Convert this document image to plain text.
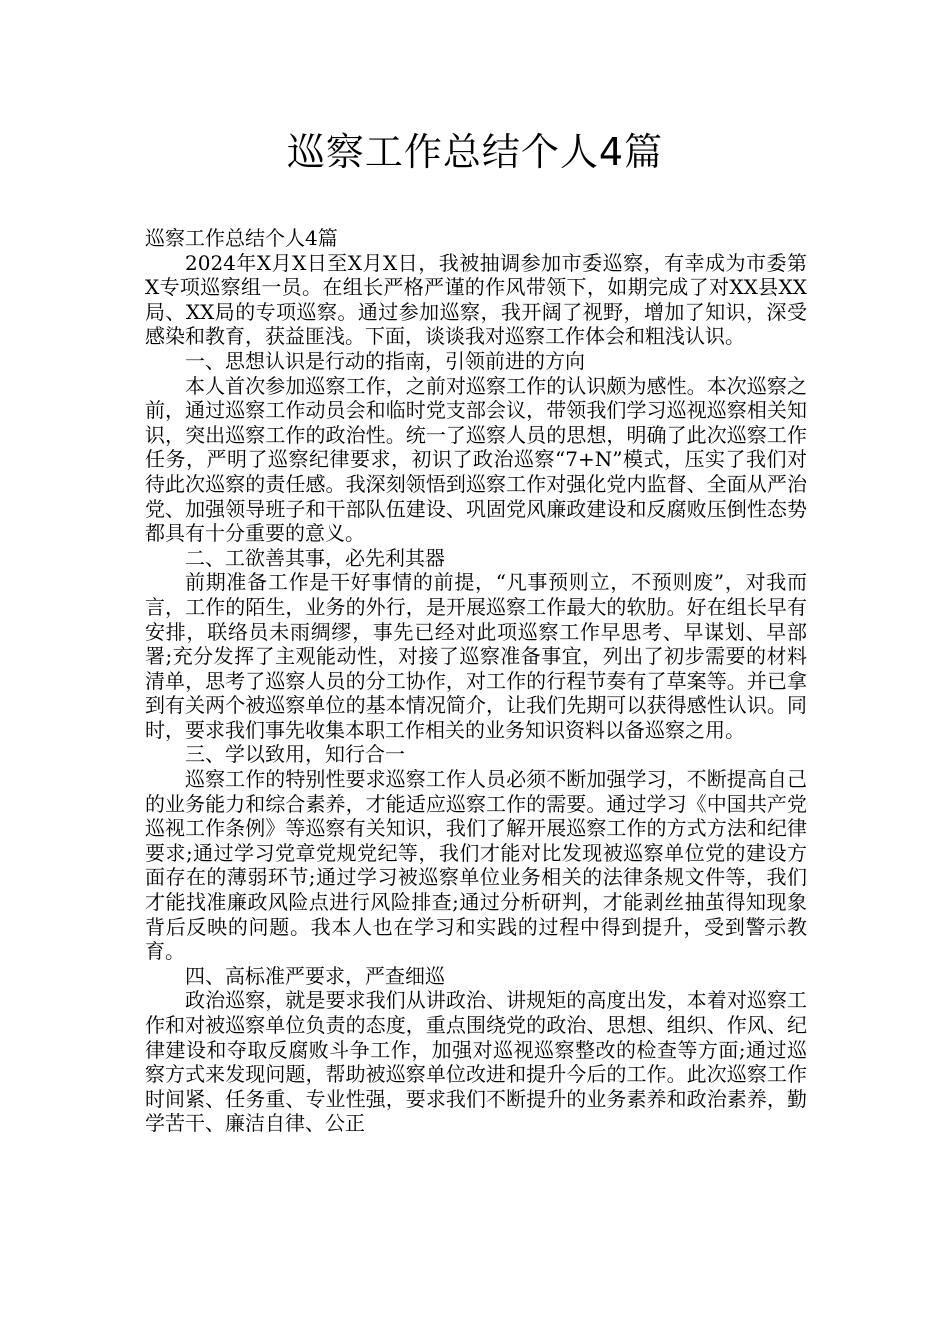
巡察工作总结个人4篇

巡察工作总结个人4篇

2024年X月X日至X月X日，我被抽调参加市委巡察，有幸成为市委第X专项巡察组一员。在组长严格严谨的作风带领下，如期完成了对XX县XX局、XX局的专项巡察。通过参加巡察，我开阔了视野，增加了知识，深受感染和教育，获益匪浅。下面，谈谈我对巡察工作体会和粗浅认识。

一、思想认识是行动的指南，引领前进的方向

本人首次参加巡察工作，之前对巡察工作的认识颇为感性。本次巡察之前，通过巡察工作动员会和临时党支部会议，带领我们学习巡视巡察相关知识，突出巡察工作的政治性。统一了巡察人员的思想，明确了此次巡察工作任务，严明了巡察纪律要求，初识了政治巡察“7+N”模式，压实了我们对待此次巡察的责任感。我深刻领悟到巡察工作对强化党内监督、全面从严治党、加强领导班子和干部队伍建设、巩固党风廉政建设和反腐败压倒性态势都具有十分重要的意义。

二、工欲善其事，必先利其器

前期准备工作是干好事情的前提，“凡事预则立，不预则废”，对我而言，工作的陌生，业务的外行，是开展巡察工作最大的软肋。好在组长早有安排，联络员未雨绸缪，事先已经对此项巡察工作早思考、早谋划、早部署;充分发挥了主观能动性，对接了巡察准备事宜，列出了初步需要的材料清单，思考了巡察人员的分工协作，对工作的行程节奏有了草案等。并已拿到有关两个被巡察单位的基本情况简介，让我们先期可以获得感性认识。同时，要求我们事先收集本职工作相关的业务知识资料以备巡察之用。

三、学以致用，知行合一

巡察工作的特别性要求巡察工作人员必须不断加强学习，不断提高自己的业务能力和综合素养，才能适应巡察工作的需要。通过学习《中国共产党巡视工作条例》等巡察有关知识，我们了解开展巡察工作的方式方法和纪律要求;通过学习党章党规党纪等，我们才能对比发现被巡察单位党的建设方面存在的薄弱环节;通过学习被巡察单位业务相关的法律条规文件等，我们才能找准廉政风险点进行风险排查;通过分析研判，才能剥丝抽茧得知现象背后反映的问题。我本人也在学习和实践的过程中得到提升，受到警示教育。

四、高标准严要求，严查细巡

政治巡察，就是要求我们从讲政治、讲规矩的高度出发，本着对巡察工作和对被巡察单位负责的态度，重点围绕党的政治、思想、组织、作风、纪律建设和夺取反腐败斗争工作，加强对巡视巡察整改的检查等方面;通过巡察方式来发现问题，帮助被巡察单位改进和提升今后的工作。此次巡察工作时间紧、任务重、专业性强，要求我们不断提升的业务素养和政治素养，勤学苦干、廉洁自律、公正
